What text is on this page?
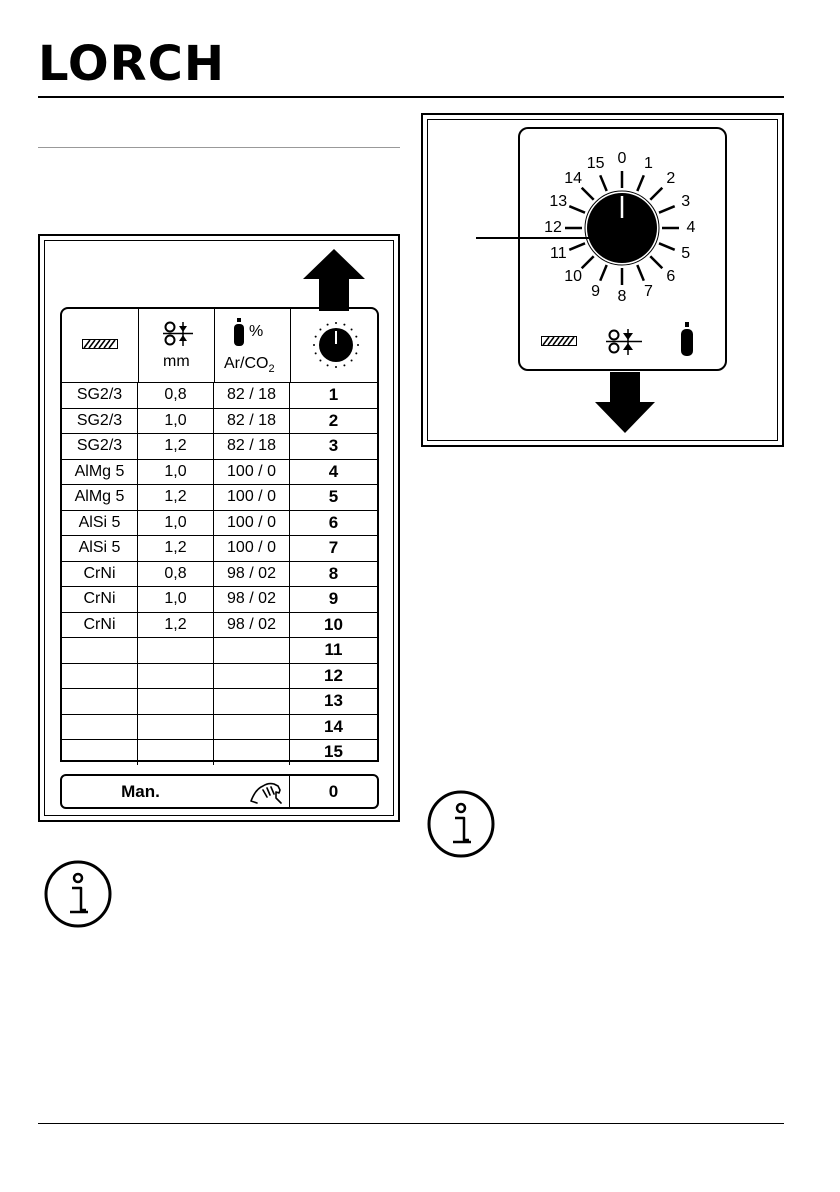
LORCH
mm
%
$Ar/CO_2$
SG2/3	0,8	82 / 18	1
SG2/3	1,0	82 / 18	2
SG2/3	1,2	82 / 18	3
AlMg 5	1,0	100 / 0	4
AlMg 5	1,2	100 / 0	5
AlSi 5	1,0	100 / 0	6
AlSi 5	1,2	100 / 0	7
CrNi	0,8	98 / 02	8
CrNi	1,0	98 / 02	9
CrNi	1,2	98 / 02	10
11
12
13
14
15
Man.	0
0	1
2
3
4
5
6
7
8
9
10
11
12
13
14
15
